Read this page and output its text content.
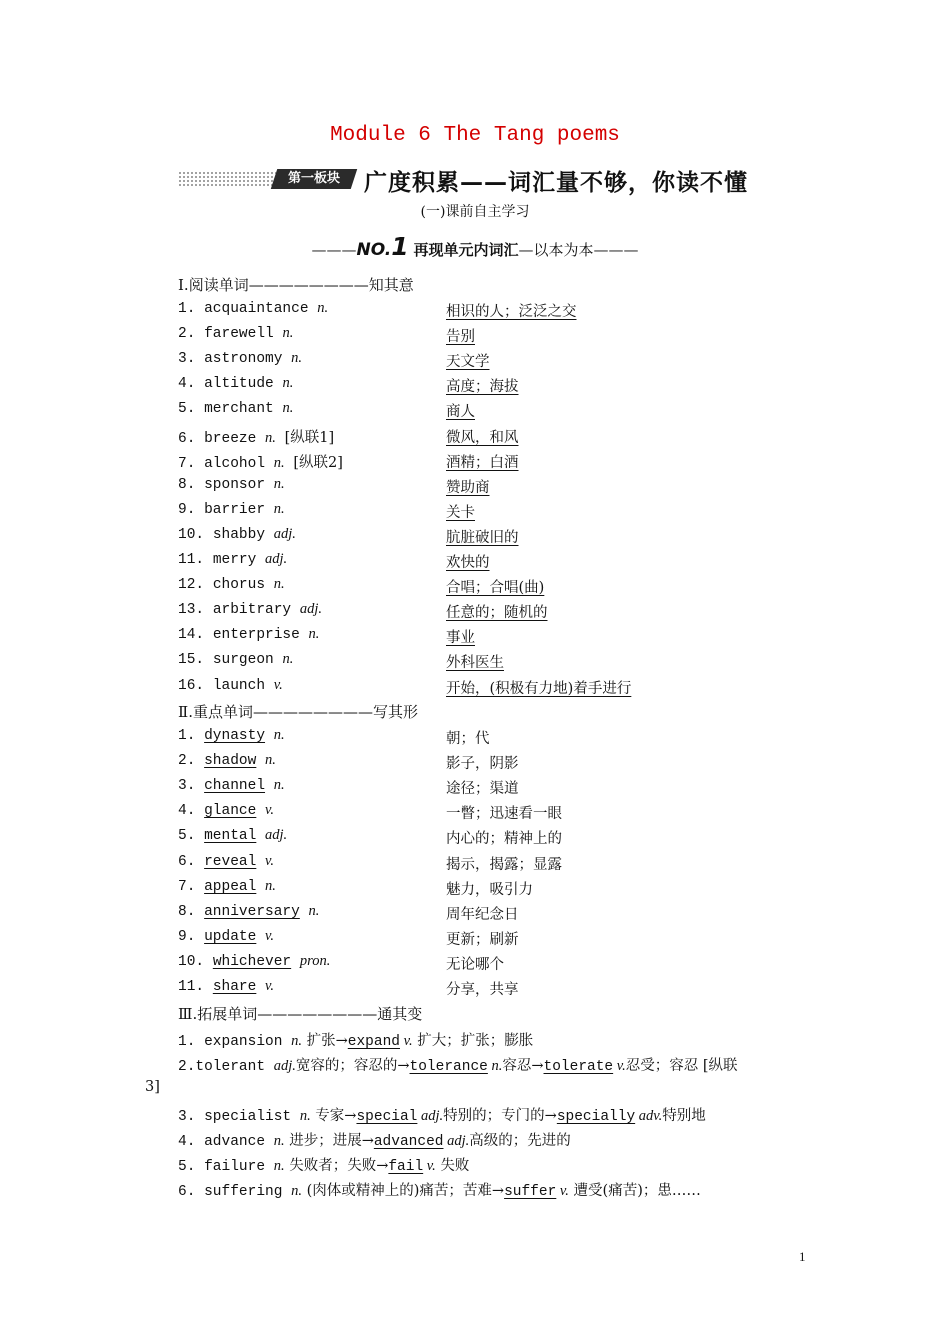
Module 6 The Tang poems
第一板块	广度积累——词汇量不够，你读不懂
(一)课前自主学习
———NO.1 再现单元内词汇—以本为本———
Ⅰ.阅读单词————————知其意
1. acquaintance n.	相识的人；泛泛之交
2. farewell n.	告别
3. astronomy n.	天文学
4. altitude n.	高度；海拔
5. merchant n.	商人
6. breeze n. [纵联1]	微风，和风
7. alcohol n. [纵联2]	酒精；白酒
8. sponsor n.	赞助商
9. barrier n.	关卡
10. shabby adj.	肮脏破旧的
11. merry adj.	欢快的
12. chorus n.	合唱；合唱(曲)
13. arbitrary adj.	任意的；随机的
14. enterprise n.	事业
15. surgeon n.	外科医生
16. launch v.	开始，(积极有力地)着手进行
Ⅱ.重点单词————————写其形
1. dynasty n.	朝；代
2. shadow n.	影子，阴影
3. channel n.	途径；渠道
4. glance v.	一瞥；迅速看一眼
5. mental adj.	内心的；精神上的
6. reveal v.	揭示，揭露；显露
7. appeal n.	魅力，吸引力
8. anniversary n.	周年纪念日
9. update v.	更新；刷新
10. whichever pron.	无论哪个
11. share v.	分享，共享
Ⅲ.拓展单词————————通其变
1. expansion n. 扩张→expand v. 扩大；扩张；膨胀
2.tolerant adj.宽容的；容忍的→tolerance n.容忍→tolerate v.忍受；容忍 [纵联
3]
3. specialist n. 专家→special adj.特别的；专门的→specially adv.特别地
4. advance n. 进步；进展→advanced adj.高级的；先进的
5. failure n. 失败者；失败→fail v. 失败
6. suffering n. (肉体或精神上的)痛苦；苦难→suffer v. 遭受(痛苦)；患……
1
